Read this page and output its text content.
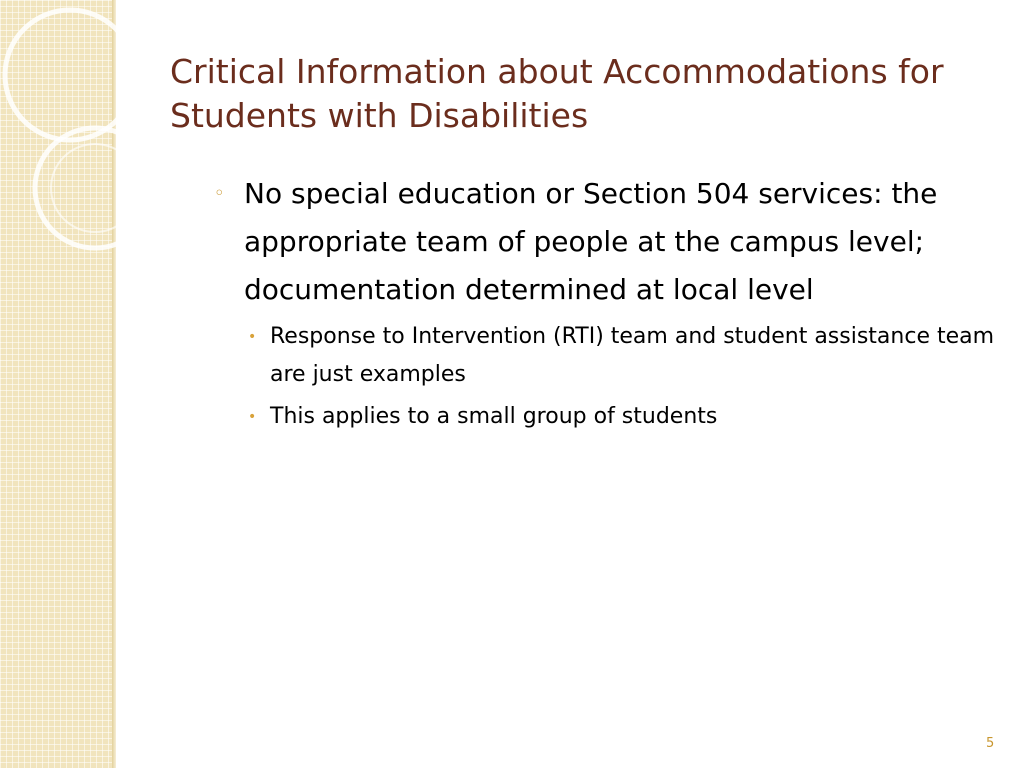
Critical Information about Accommodations for Students with Disabilities
◦ No special education or Section 504 services: the appropriate team of people at the campus level; documentation determined at local level
• Response to Intervention (RTI) team and student assistance team are just examples
• This applies to a small group of students
5
